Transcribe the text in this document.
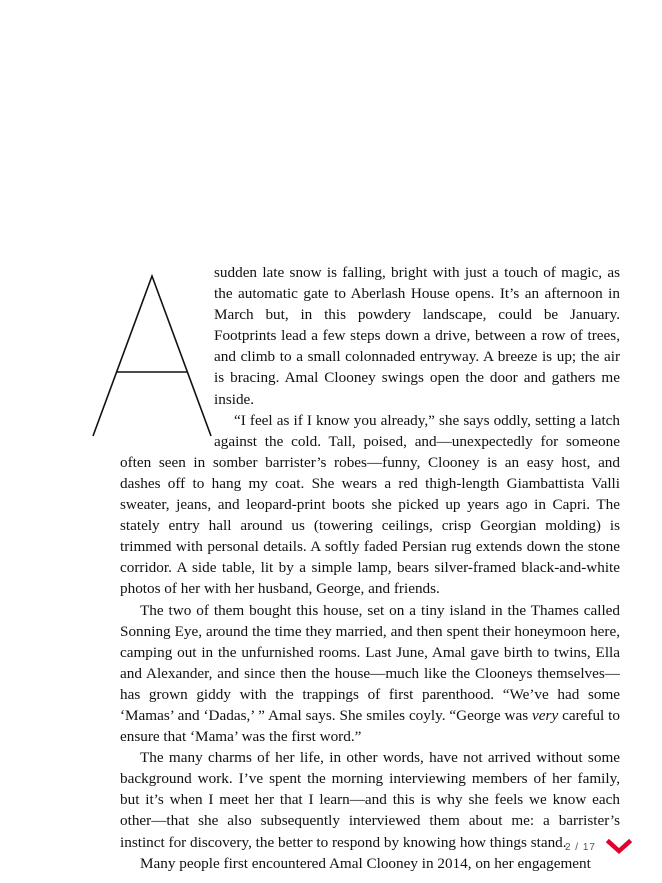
sudden late snow is falling, bright with just a touch of magic, as the automatic gate to Aberlash House opens. It’s an afternoon in March but, in this powdery landscape, could be January. Footprints lead a few steps down a drive, between a row of trees, and climb to a small colonnaded entryway. A breeze is up; the air is bracing. Amal Clooney swings open the door and gathers me inside.

“I feel as if I know you already,” she says oddly, setting a latch against the cold. Tall, poised, and—unexpectedly for someone often seen in somber barrister’s robes—funny, Clooney is an easy host, and dashes off to hang my coat. She wears a red thigh-length Giambattista Valli sweater, jeans, and leopard-print boots she picked up years ago in Capri. The stately entry hall around us (towering ceilings, crisp Georgian molding) is trimmed with personal details. A softly faded Persian rug extends down the stone corridor. A side table, lit by a simple lamp, bears silver-framed black-and-white photos of her with her husband, George, and friends.

The two of them bought this house, set on a tiny island in the Thames called Sonning Eye, around the time they married, and then spent their honeymoon here, camping out in the unfurnished rooms. Last June, Amal gave birth to twins, Ella and Alexander, and since then the house—much like the Clooneys themselves—has grown giddy with the trappings of first parenthood. “We’ve had some ‘Mamas’ and ‘Dadas,’ ” Amal says. She smiles coyly. “George was very careful to ensure that ‘Mama’ was the first word.”

The many charms of her life, in other words, have not arrived without some background work. I’ve spent the morning interviewing members of her family, but it’s when I meet her that I learn—and this is why she feels we know each other—that she also subsequently interviewed them about me: a barrister’s instinct for discovery, the better to respond by knowing how things stand.

Many people first encountered Amal Clooney in 2014, on her engagement

2 / 17
